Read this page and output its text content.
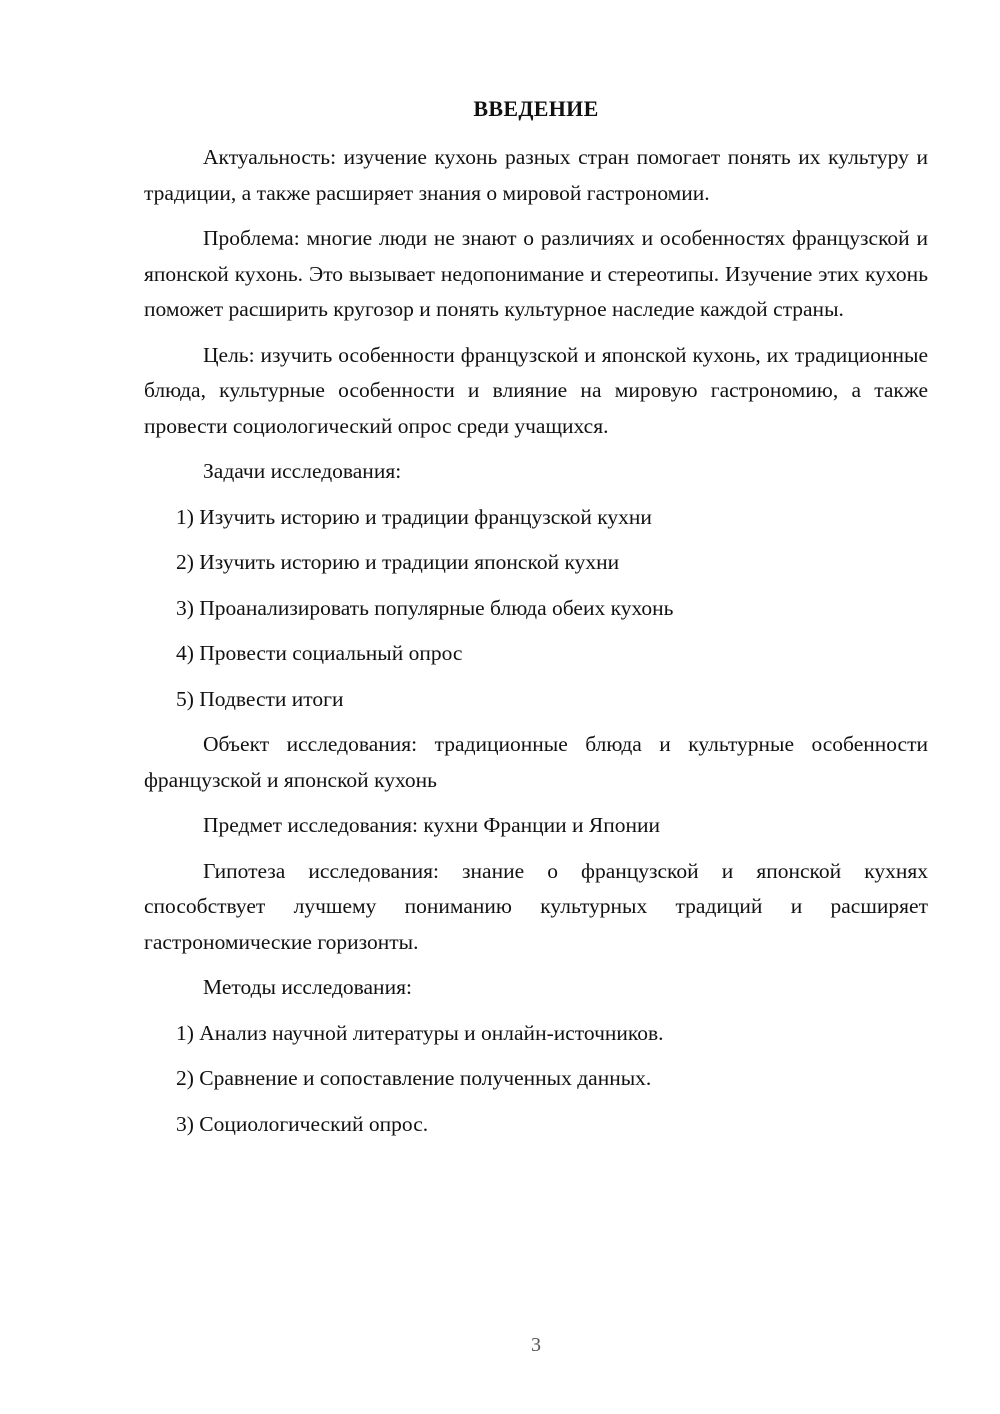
ВВЕДЕНИЕ

Актуальность: изучение кухонь разных стран помогает понять их культуру и традиции, а также расширяет знания о мировой гастрономии.

Проблема: многие люди не знают о различиях и особенностях французской и японской кухонь. Это вызывает недопонимание и стереотипы. Изучение этих кухонь поможет расширить кругозор и понять культурное наследие каждой страны.

Цель: изучить особенности французской и японской кухонь, их традиционные блюда, культурные особенности и влияние на мировую гастрономию, а также провести социологический опрос среди учащихся.

Задачи исследования:

1) Изучить историю и традиции французской кухни

2) Изучить историю и традиции японской кухни

3) Проанализировать популярные блюда обеих кухонь

4) Провести социальный опрос

5) Подвести итоги

Объект исследования: традиционные блюда и культурные особенности французской и японской кухонь

Предмет исследования: кухни Франции и Японии

Гипотеза исследования: знание о французской и японской кухнях способствует лучшему пониманию культурных традиций и расширяет гастрономические горизонты.

Методы исследования:

1) Анализ научной литературы и онлайн-источников.

2) Сравнение и сопоставление полученных данных.

3) Социологический опрос.

3
